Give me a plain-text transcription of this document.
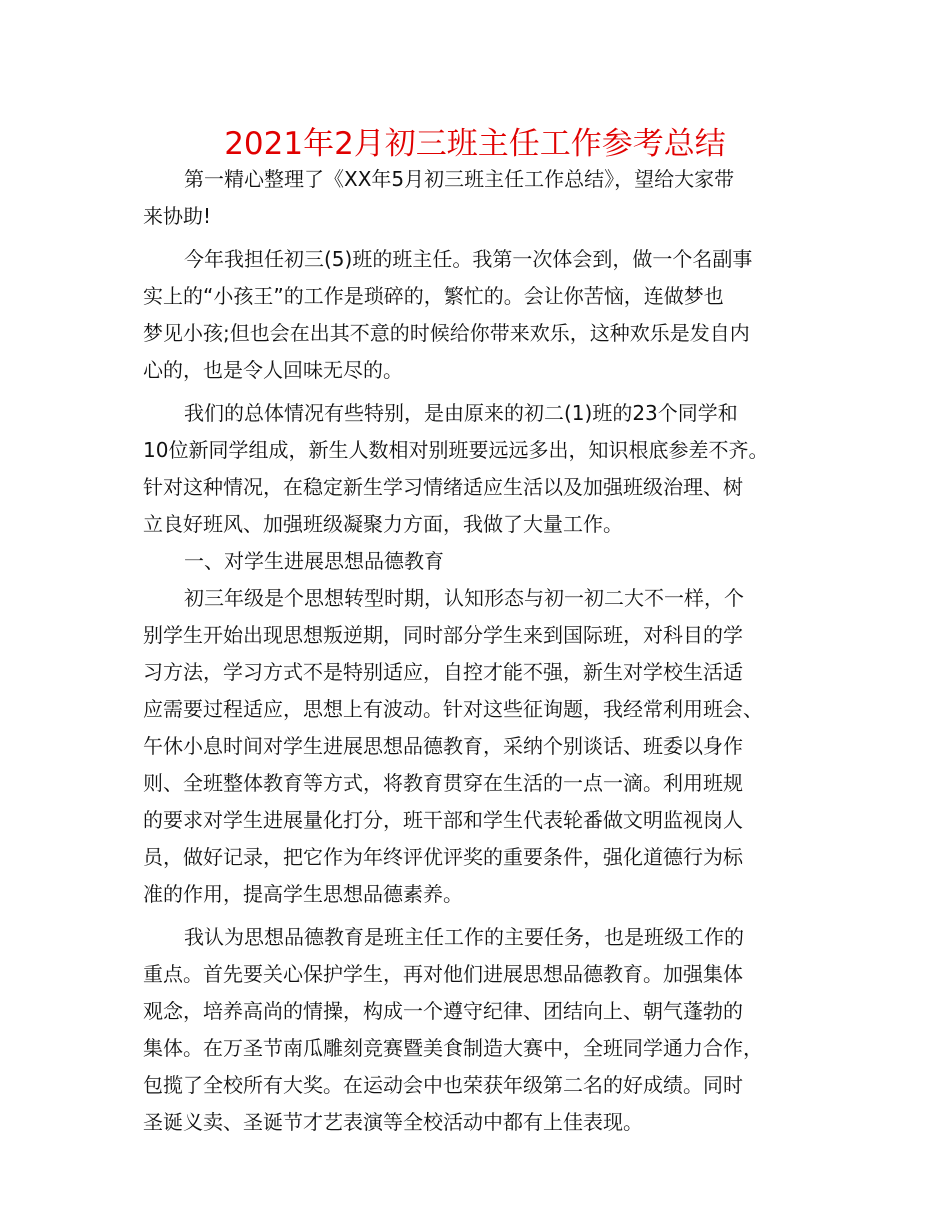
2021年2月初三班主任工作参考总结
第一精心整理了《XX年5月初三班主任工作总结》，望给大家带
来协助!
今年我担任初三(5)班的班主任。我第一次体会到，做一个名副事
实上的“小孩王”的工作是琐碎的，繁忙的。会让你苦恼，连做梦也
梦见小孩;但也会在出其不意的时候给你带来欢乐，这种欢乐是发自内
心的，也是令人回味无尽的。
我们的总体情况有些特别，是由原来的初二(1)班的23个同学和
10位新同学组成，新生人数相对别班要远远多出，知识根底参差不齐。
针对这种情况，在稳定新生学习情绪适应生活以及加强班级治理、树
立良好班风、加强班级凝聚力方面，我做了大量工作。
一、对学生进展思想品德教育
初三年级是个思想转型时期，认知形态与初一初二大不一样，个
别学生开始出现思想叛逆期，同时部分学生来到国际班，对科目的学
习方法，学习方式不是特别适应，自控才能不强，新生对学校生活适
应需要过程适应，思想上有波动。针对这些征询题，我经常利用班会、
午休小息时间对学生进展思想品德教育，采纳个别谈话、班委以身作
则、全班整体教育等方式，将教育贯穿在生活的一点一滴。利用班规
的要求对学生进展量化打分，班干部和学生代表轮番做文明监视岗人
员，做好记录，把它作为年终评优评奖的重要条件，强化道德行为标
准的作用，提高学生思想品德素养。
我认为思想品德教育是班主任工作的主要任务，也是班级工作的
重点。首先要关心保护学生，再对他们进展思想品德教育。加强集体
观念，培养高尚的情操，构成一个遵守纪律、团结向上、朝气蓬勃的
集体。在万圣节南瓜雕刻竞赛暨美食制造大赛中，全班同学通力合作，
包揽了全校所有大奖。在运动会中也荣获年级第二名的好成绩。同时
圣诞义卖、圣诞节才艺表演等全校活动中都有上佳表现。
